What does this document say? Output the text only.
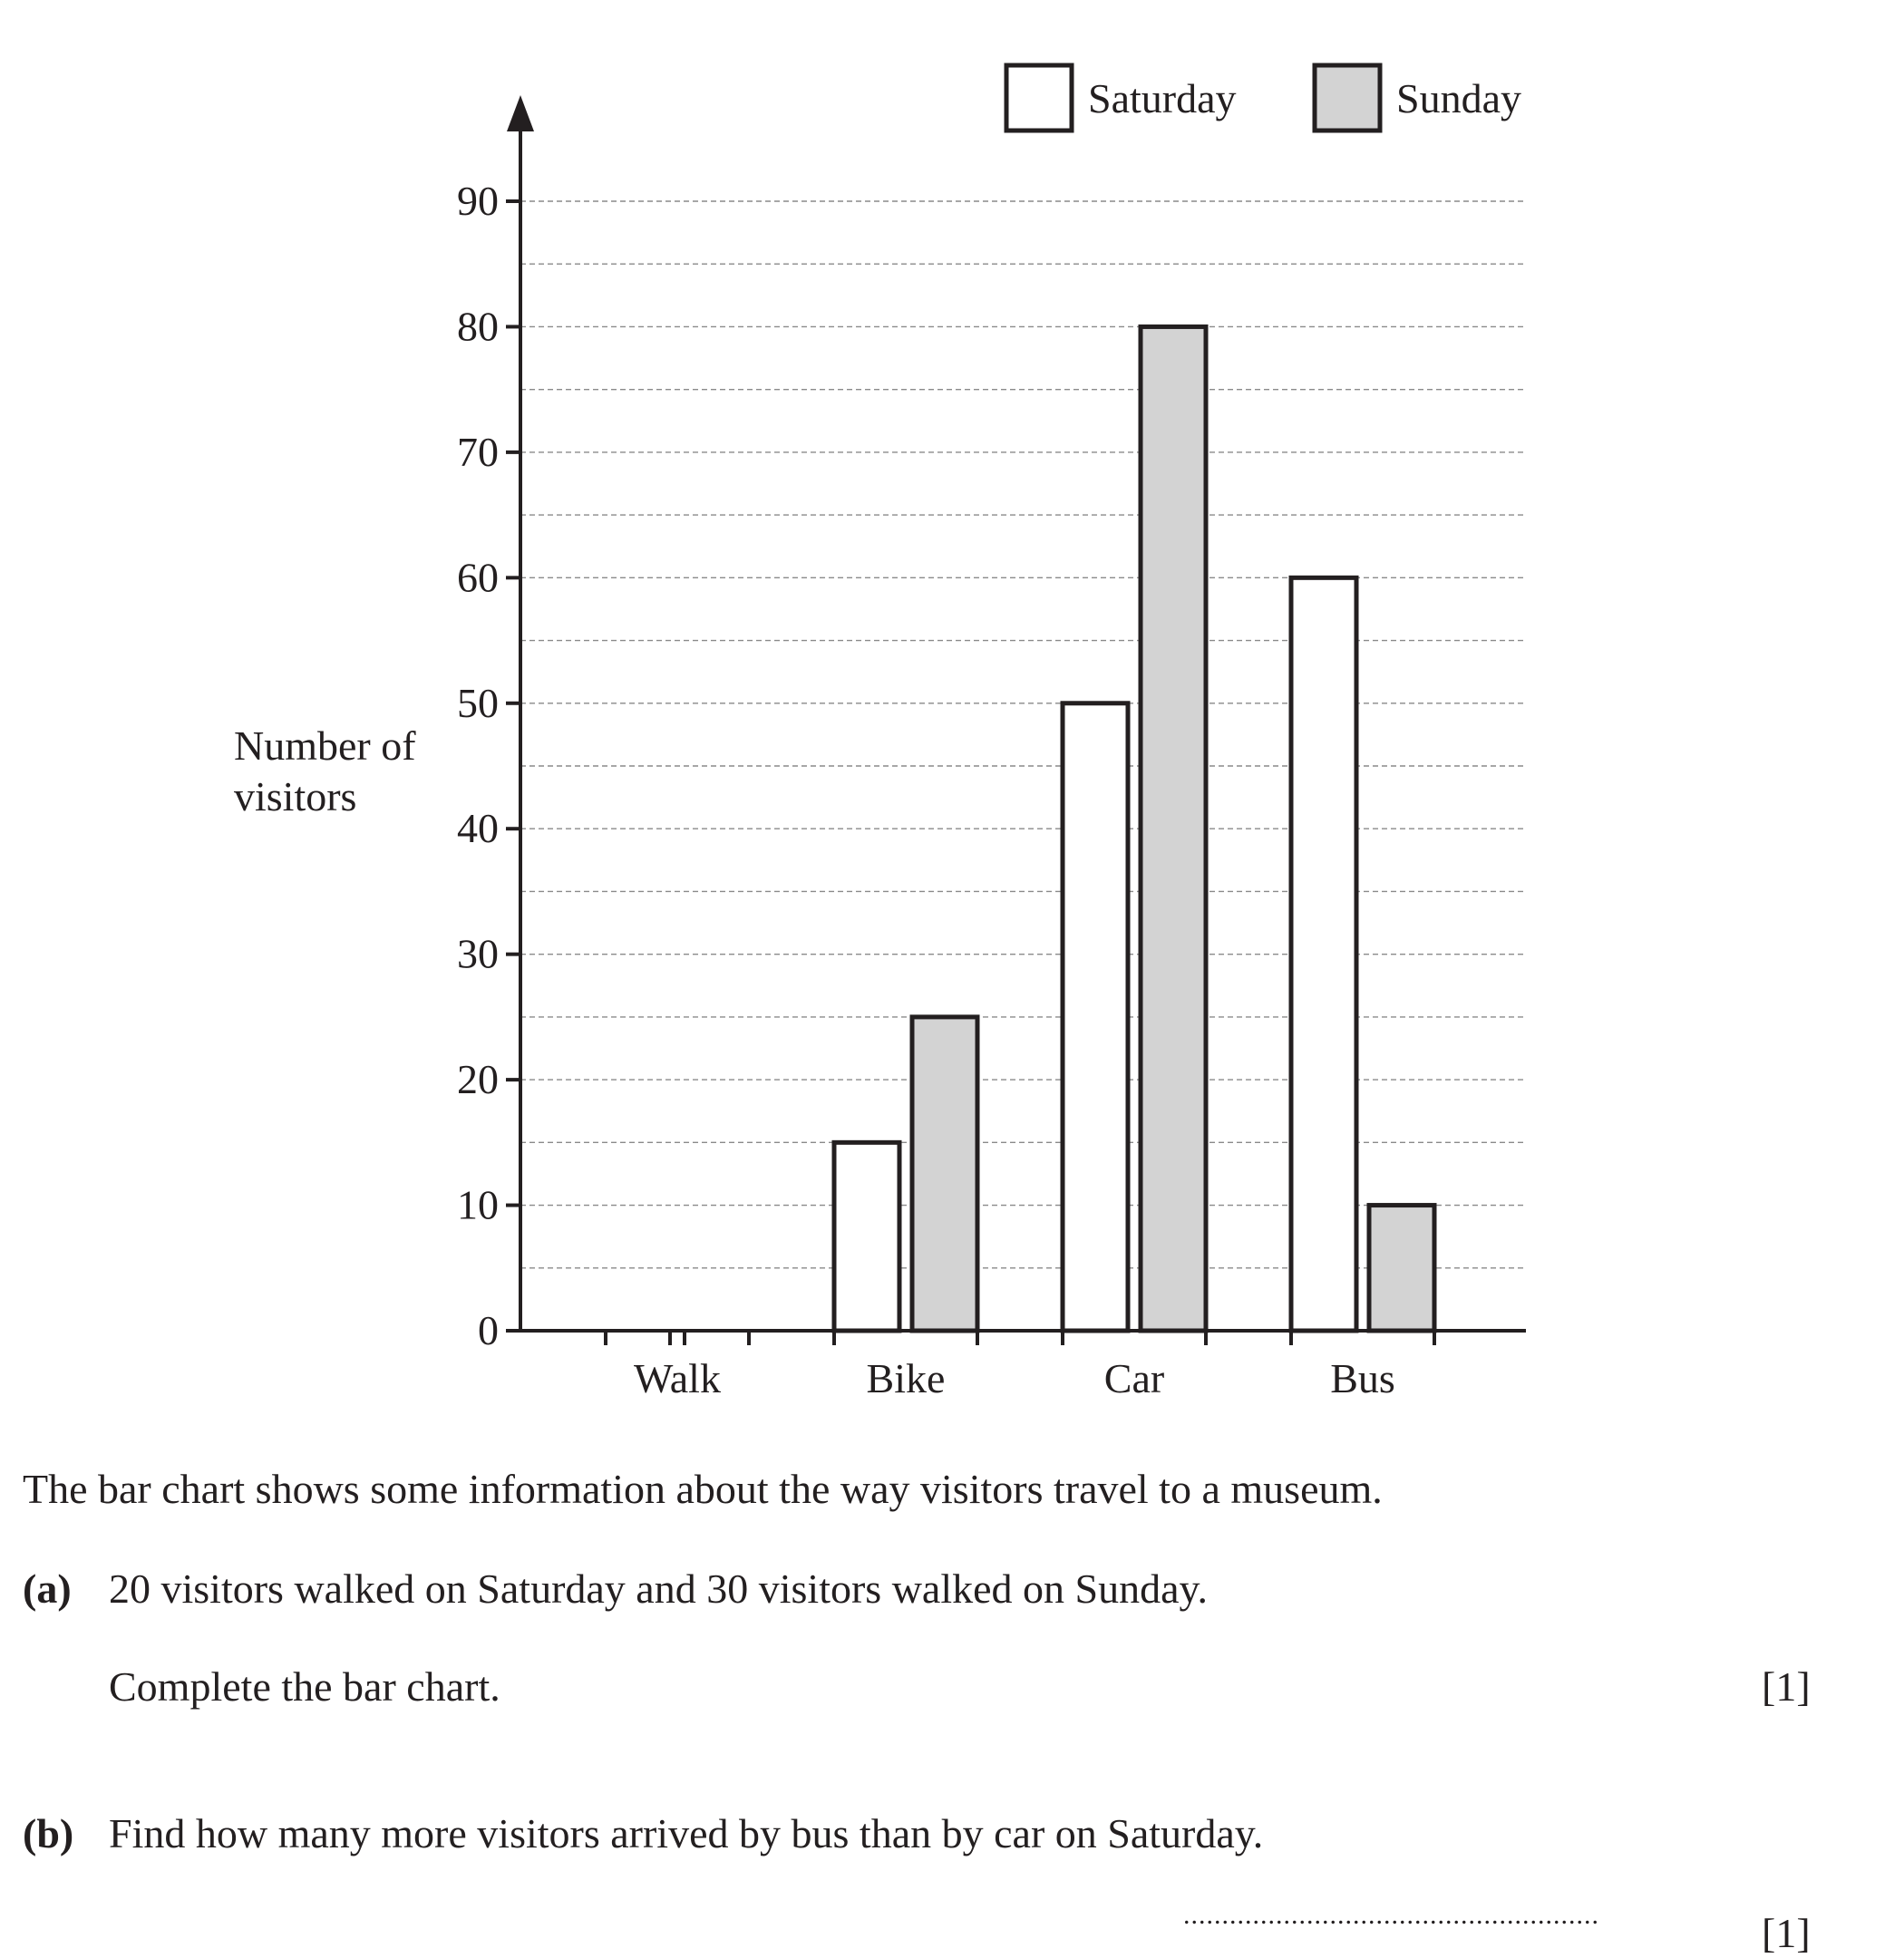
0
10
20
30
40
50
60
70
80
90
Walk	Bike	Car	Bus
Saturday	Sunday
Number of
visitors
The bar chart shows some information about the way visitors travel to a museum.
(a) 20 visitors walked on Saturday and 30 visitors walked on Sunday.
Complete the bar chart.	[1]
(b) Find how many more visitors arrived by bus than by car on Saturday.
......................................................	[1]
